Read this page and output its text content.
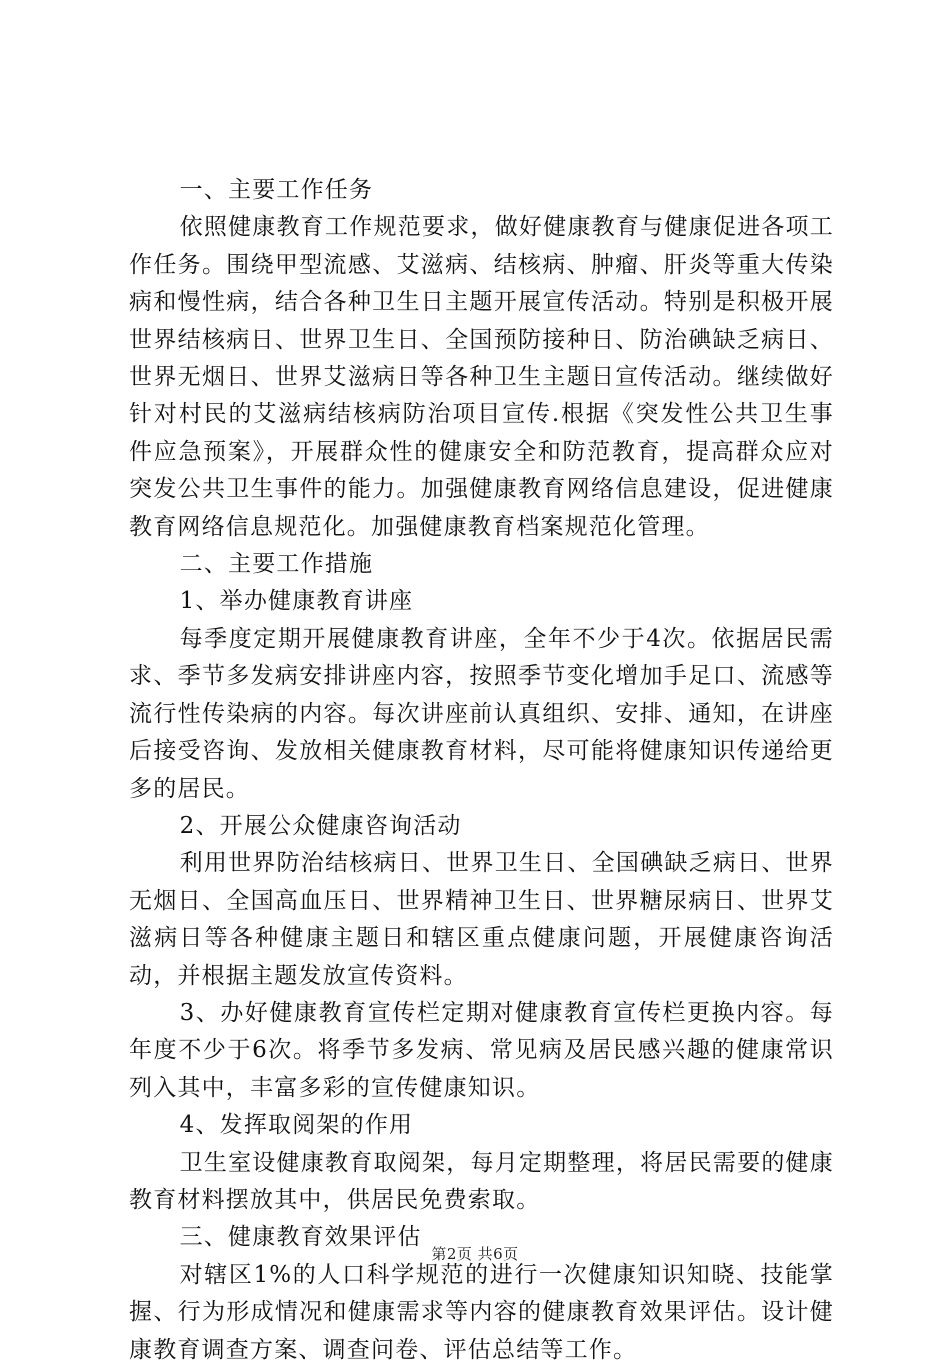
一、主要工作任务

依照健康教育工作规范要求，做好健康教育与健康促进各项工作任务。围绕甲型流感、艾滋病、结核病、肿瘤、肝炎等重大传染病和慢性病，结合各种卫生日主题开展宣传活动。特别是积极开展世界结核病日、世界卫生日、全国预防接种日、防治碘缺乏病日、世界无烟日、世界艾滋病日等各种卫生主题日宣传活动。继续做好针对村民的艾滋病结核病防治项目宣传.根据《突发性公共卫生事件应急预案》，开展群众性的健康安全和防范教育，提高群众应对突发公共卫生事件的能力。加强健康教育网络信息建设，促进健康教育网络信息规范化。加强健康教育档案规范化管理。

二、主要工作措施

1、举办健康教育讲座

每季度定期开展健康教育讲座，全年不少于4次。依据居民需求、季节多发病安排讲座内容，按照季节变化增加手足口、流感等流行性传染病的内容。每次讲座前认真组织、安排、通知，在讲座后接受咨询、发放相关健康教育材料，尽可能将健康知识传递给更多的居民。

2、开展公众健康咨询活动

利用世界防治结核病日、世界卫生日、全国碘缺乏病日、世界无烟日、全国高血压日、世界精神卫生日、世界糖尿病日、世界艾滋病日等各种健康主题日和辖区重点健康问题，开展健康咨询活动，并根据主题发放宣传资料。

3、办好健康教育宣传栏定期对健康教育宣传栏更换内容。每年度不少于6次。将季节多发病、常见病及居民感兴趣的健康常识列入其中，丰富多彩的宣传健康知识。

4、发挥取阅架的作用

卫生室设健康教育取阅架，每月定期整理，将居民需要的健康教育材料摆放其中，供居民免费索取。

三、健康教育效果评估

对辖区1%的人口科学规范的进行一次健康知识知晓、技能掌握、行为形成情况和健康需求等内容的健康教育效果评估。设计健康教育调查方案、调查问卷、评估总结等工作。

第2页 共6页
